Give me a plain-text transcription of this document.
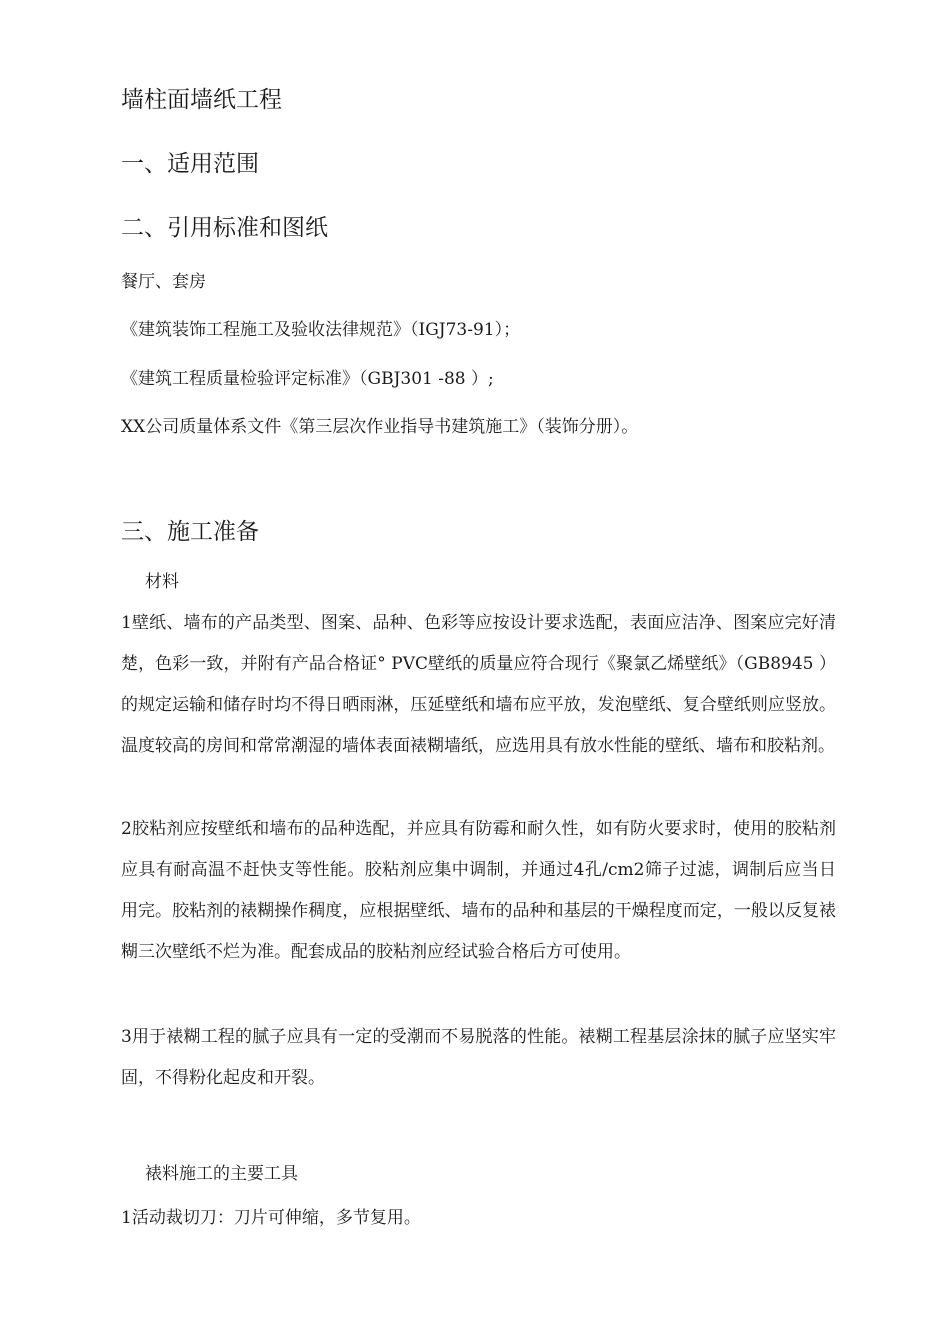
墙柱面墙纸工程
一、适用范围
二、引用标准和图纸

餐厅、套房

《建筑装饰工程施工及验收法律规范》（IGJ73-91）；

《建筑工程质量检验评定标准》（GBJ301 -88 ）;

XX公司质量体系文件《第三层次作业指导书建筑施工》（装饰分册）。

三、施工准备

材料

1壁纸、墙布的产品类型、图案、品种、色彩等应按设计要求选配，表面应洁净、图案应完好清楚，色彩一致，并附有产品合格证° PVC壁纸的质量应符合现行《聚氯乙烯壁纸》（GB8945 ）的规定运输和储存时均不得日晒雨淋，压延壁纸和墙布应平放，发泡壁纸、复合壁纸则应竖放。温度较高的房间和常常潮湿的墙体表面裱糊墙纸，应选用具有放水性能的壁纸、墙布和胶粘剂。

2胶粘剂应按壁纸和墙布的品种选配，并应具有防霉和耐久性，如有防火要求时，使用的胶粘剂应具有耐高温不赶快支等性能。胶粘剂应集中调制，并通过4孔/cm2筛子过滤，调制后应当日用完。胶粘剂的裱糊操作稠度，应根据壁纸、墙布的品种和基层的干燥程度而定，一般以反复裱糊三次壁纸不烂为准。配套成品的胶粘剂应经试验合格后方可使用。

3用于裱糊工程的腻子应具有一定的受潮而不易脱落的性能。裱糊工程基层涂抹的腻子应坚实牢固，不得粉化起皮和开裂。

裱料施工的主要工具

1活动裁切刀：刀片可伸缩，多节复用。
